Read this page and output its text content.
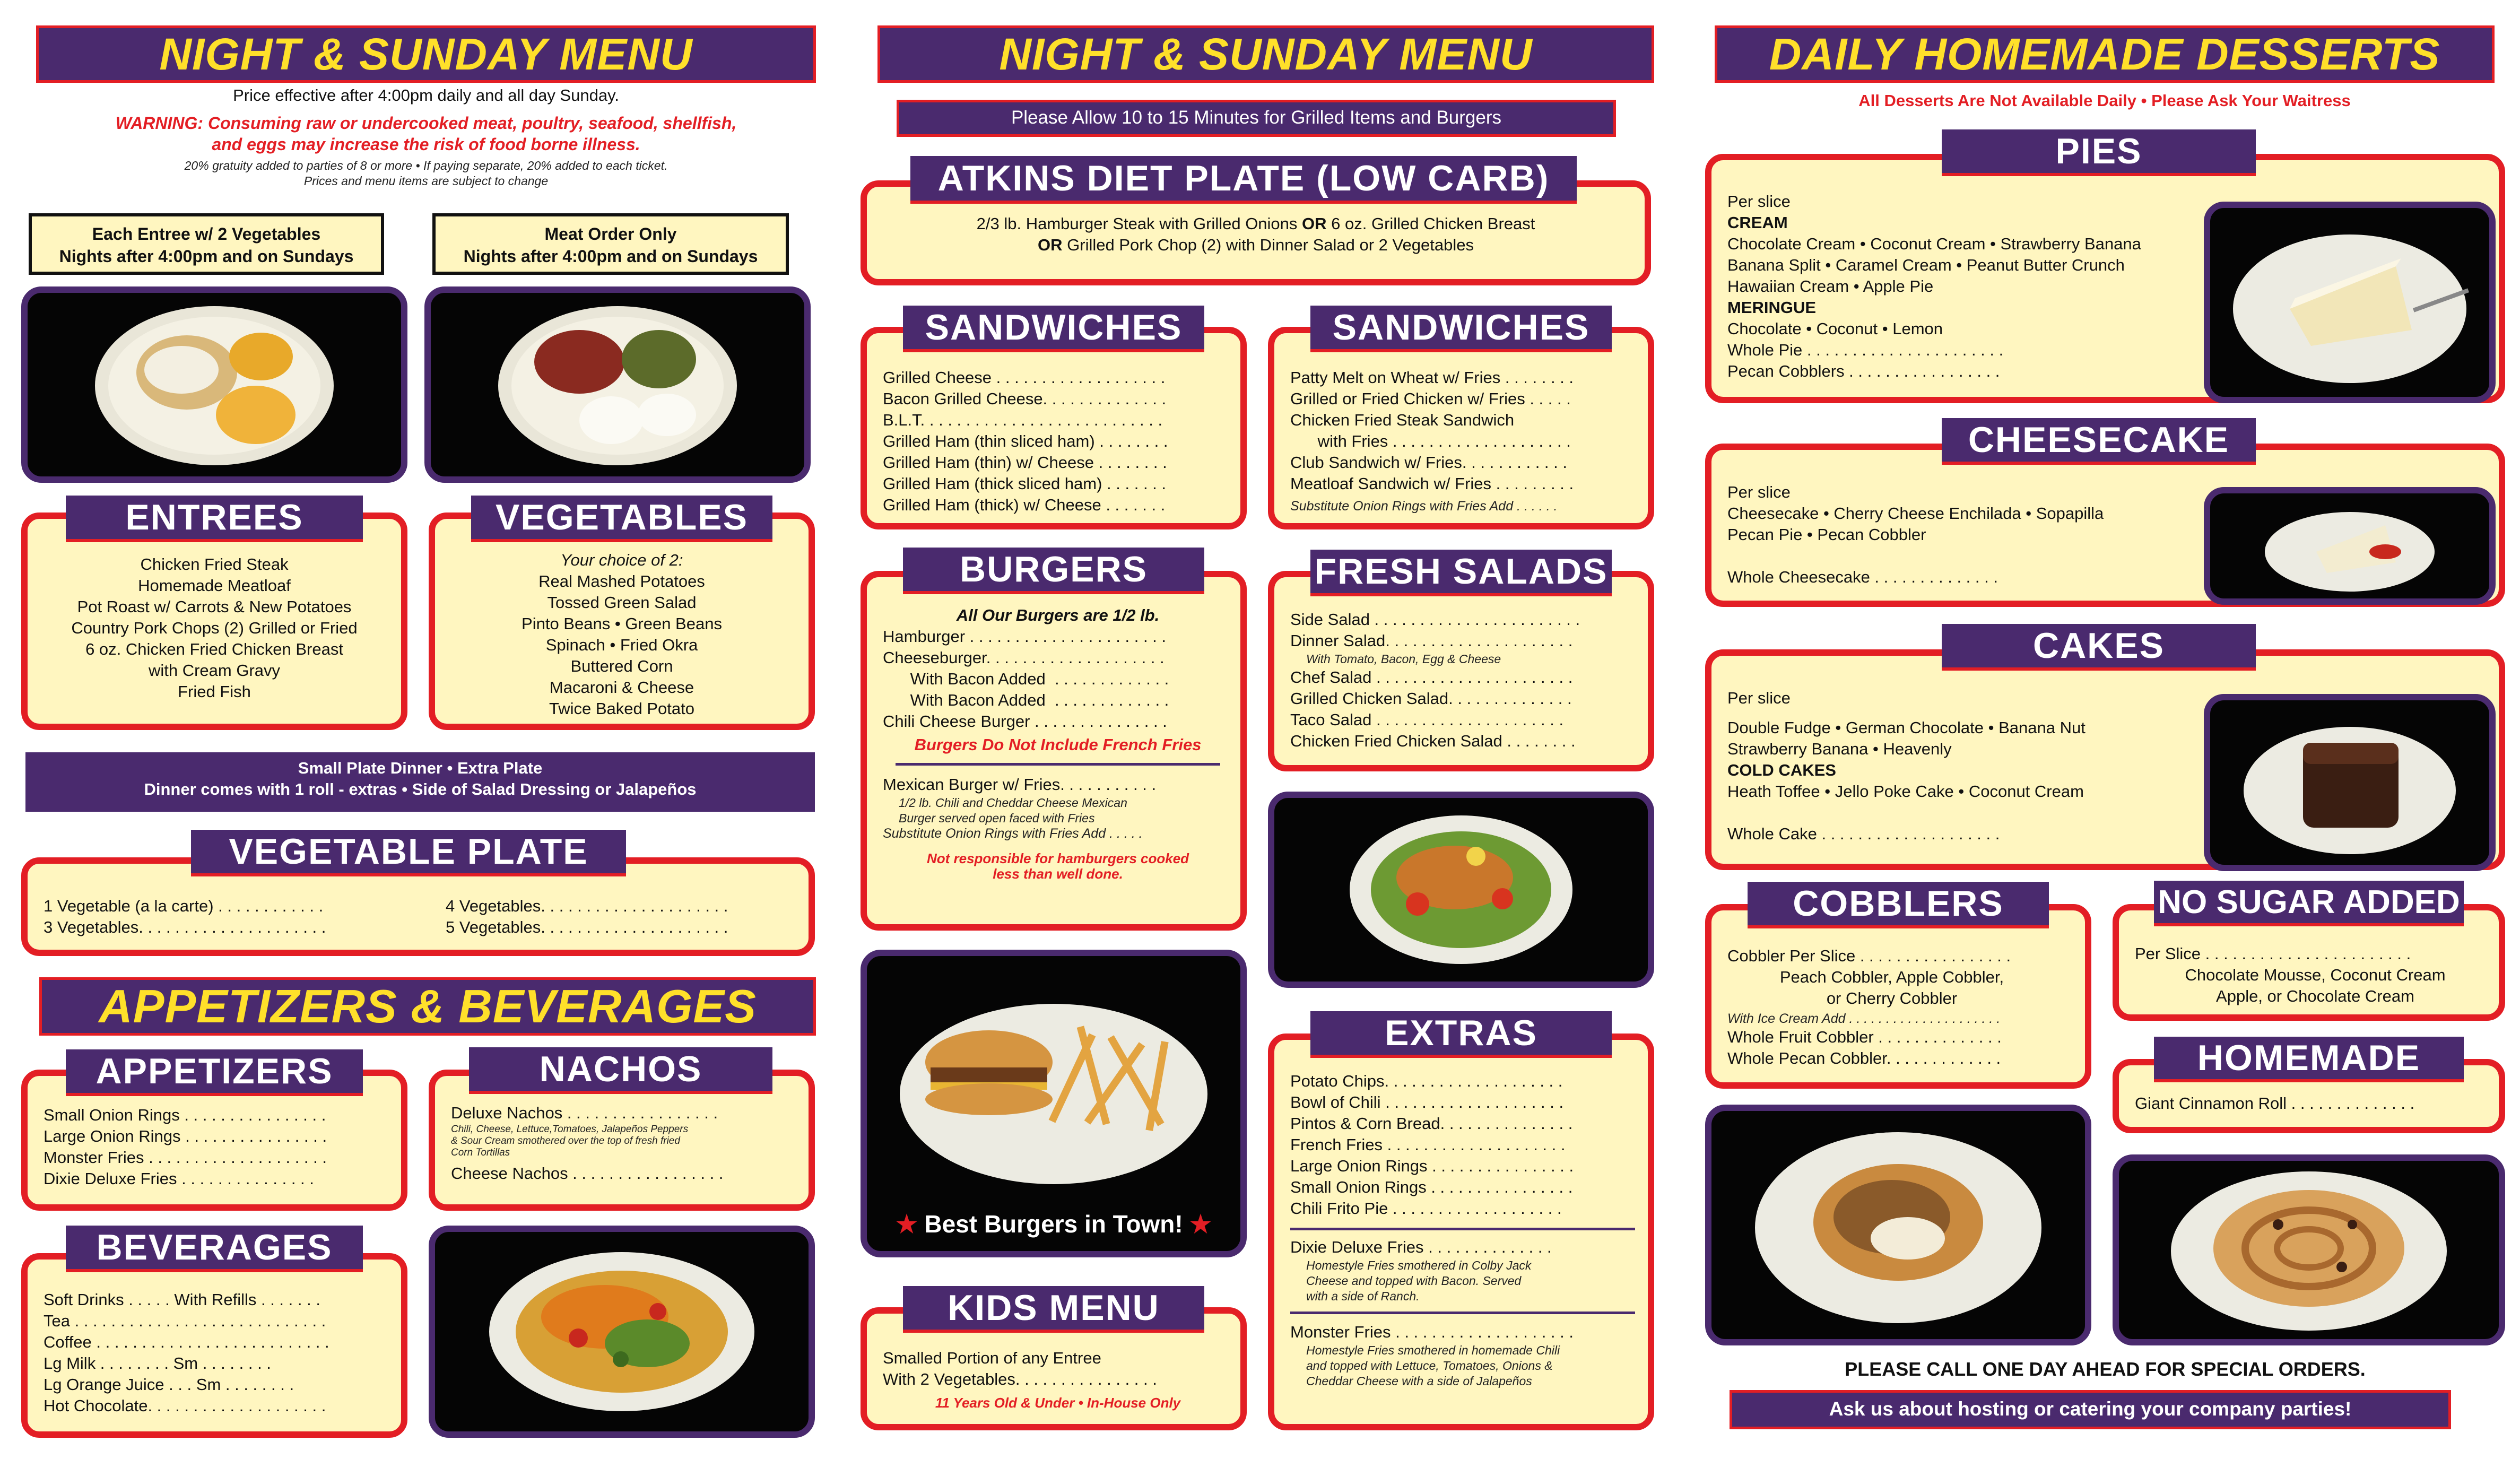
NIGHT & SUNDAY MENU
Price effective after 4:00pm daily and all day Sunday.
WARNING: Consuming raw or undercooked meat, poultry, seafood, shellfish,
and eggs may increase the risk of food borne illness.
20% gratuity added to parties of 8 or more • If paying separate, 20% added to each ticket.
Prices and menu items are subject to change
Each Entree w/ 2 Vegetables
Nights after 4:00pm and on Sundays
Meat Order Only
Nights after 4:00pm and on Sundays
Chicken Fried Steak
Homemade Meatloaf
Pot Roast w/ Carrots & New Potatoes
Country Pork Chops (2) Grilled or Fried
6 oz. Chicken Fried Chicken Breast
with Cream Gravy
Fried Fish
ENTREES
Your choice of 2:
Real Mashed Potatoes
Tossed Green Salad
Pinto Beans • Green Beans
Spinach • Fried Okra
Buttered Corn
Macaroni & Cheese
Twice Baked Potato
VEGETABLES
Small Plate Dinner • Extra Plate
Dinner comes with 1 roll - extras • Side of Salad Dressing or Jalapeños
1 Vegetable (a la carte) . . . . . . . . . . . .
3 Vegetables. . . . . . . . . . . . . . . . . . . . .
4 Vegetables. . . . . . . . . . . . . . . . . . . . .
5 Vegetables. . . . . . . . . . . . . . . . . . . . .
VEGETABLE PLATE
APPETIZERS & BEVERAGES
Small Onion Rings . . . . . . . . . . . . . . . .
Large Onion Rings . . . . . . . . . . . . . . . .
Monster Fries . . . . . . . . . . . . . . . . . . . .
Dixie Deluxe Fries . . . . . . . . . . . . . . .
APPETIZERS
Deluxe Nachos . . . . . . . . . . . . . . . . .
Chili, Cheese, Lettuce,Tomatoes, Jalapeños Peppers
& Sour Cream smothered over the top of fresh fried
Corn Tortillas
Cheese Nachos . . . . . . . . . . . . . . . . .
NACHOS
Soft Drinks . . . . . With Refills . . . . . . .
Tea . . . . . . . . . . . . . . . . . . . . . . . . . . . .
Coffee . . . . . . . . . . . . . . . . . . . . . . . . . .
Lg Milk . . . . . . . . Sm . . . . . . . .
Lg Orange Juice . . . Sm . . . . . . . .
Hot Chocolate. . . . . . . . . . . . . . . . . . . .
BEVERAGES
NIGHT & SUNDAY MENU
Please Allow 10 to 15 Minutes for Grilled Items and Burgers
2/3 lb. Hamburger Steak with Grilled Onions OR 6 oz. Grilled Chicken Breast
OR Grilled Pork Chop (2) with Dinner Salad or 2 Vegetables
ATKINS DIET PLATE (LOW CARB)
Grilled Cheese . . . . . . . . . . . . . . . . . . .
Bacon Grilled Cheese. . . . . . . . . . . . . .
B.L.T. . . . . . . . . . . . . . . . . . . . . . . . . . .
Grilled Ham (thin sliced ham) . . . . . . . .
Grilled Ham (thin) w/ Cheese . . . . . . . .
Grilled Ham (thick sliced ham) . . . . . . .
Grilled Ham (thick) w/ Cheese . . . . . . .
SANDWICHES
Patty Melt on Wheat w/ Fries . . . . . . . .
Grilled or Fried Chicken w/ Fries . . . . .
Chicken Fried Steak Sandwich
with Fries . . . . . . . . . . . . . . . . . . . .
Club Sandwich w/ Fries. . . . . . . . . . . .
Meatloaf Sandwich w/ Fries . . . . . . . . .
Substitute Onion Rings with Fries Add . . . . . .
SANDWICHES
All Our Burgers are 1/2 lb.
Hamburger . . . . . . . . . . . . . . . . . . . . . .
Cheeseburger. . . . . . . . . . . . . . . . . . . .
With Bacon Added  . . . . . . . . . . . . .
With Bacon Added  . . . . . . . . . . . . .
Chili Cheese Burger . . . . . . . . . . . . . . .
Burgers Do Not Include French Fries
Mexican Burger w/ Fries. . . . . . . . . . .
1/2 lb. Chili and Cheddar Cheese Mexican
Burger served open faced with Fries
Substitute Onion Rings with Fries Add . . . . .
Not responsible for hamburgers cooked
less than well done.
BURGERS
Side Salad . . . . . . . . . . . . . . . . . . . . . . .
Dinner Salad. . . . . . . . . . . . . . . . . . . . .
With Tomato, Bacon, Egg & Cheese
Chef Salad . . . . . . . . . . . . . . . . . . . . . .
Grilled Chicken Salad. . . . . . . . . . . . . .
Taco Salad . . . . . . . . . . . . . . . . . . . . .
Chicken Fried Chicken Salad . . . . . . . .
FRESH SALADS
★ Best Burgers in Town! ★
Smalled Portion of any Entree
With 2 Vegetables. . . . . . . . . . . . . . . .
11 Years Old & Under • In-House Only
KIDS MENU
Potato Chips. . . . . . . . . . . . . . . . . . . .
Bowl of Chili . . . . . . . . . . . . . . . . . . . .
Pintos & Corn Bread. . . . . . . . . . . . . . .
French Fries . . . . . . . . . . . . . . . . . . . .
Large Onion Rings . . . . . . . . . . . . . . . .
Small Onion Rings . . . . . . . . . . . . . . . .
Chili Frito Pie . . . . . . . . . . . . . . . . . . .
Dixie Deluxe Fries . . . . . . . . . . . . . .
Homestyle Fries smothered in Colby Jack
Cheese and topped with Bacon. Served
with a side of Ranch.
Monster Fries . . . . . . . . . . . . . . . . . . . .
Homestyle Fries smothered in homemade Chili
and topped with Lettuce, Tomatoes, Onions &
Cheddar Cheese with a side of Jalapeños
EXTRAS
DAILY HOMEMADE DESSERTS
All Desserts Are Not Available Daily • Please Ask Your Waitress
Per slice
CREAM
Chocolate Cream • Coconut Cream • Strawberry Banana
Banana Split • Caramel Cream • Peanut Butter Crunch
Hawaiian Cream • Apple Pie
MERINGUE
Chocolate • Coconut • Lemon
Whole Pie . . . . . . . . . . . . . . . . . . . . . .
Pecan Cobblers . . . . . . . . . . . . . . . . .
PIES
Per slice
Cheesecake • Cherry Cheese Enchilada • Sopapilla
Pecan Pie • Pecan Cobbler
Whole Cheesecake . . . . . . . . . . . . . .
CHEESECAKE
Per slice
Double Fudge • German Chocolate • Banana Nut
Strawberry Banana • Heavenly
COLD CAKES
Heath Toffee • Jello Poke Cake • Coconut Cream
Whole Cake . . . . . . . . . . . . . . . . . . . .
CAKES
Cobbler Per Slice . . . . . . . . . . . . . . . . .
Peach Cobbler, Apple Cobbler,
or Cherry Cobbler
With Ice Cream Add . . . . . . . . . . . . . . . . . . . . .
Whole Fruit Cobbler . . . . . . . . . . . . . .
Whole Pecan Cobbler. . . . . . . . . . . . .
COBBLERS
Per Slice . . . . . . . . . . . . . . . . . . . . . . .
Chocolate Mousse, Coconut Cream
Apple, or Chocolate Cream
NO SUGAR ADDED
Giant Cinnamon Roll . . . . . . . . . . . . . .
HOMEMADE
PLEASE CALL ONE DAY AHEAD FOR SPECIAL ORDERS.
Ask us about hosting or catering your company parties!
